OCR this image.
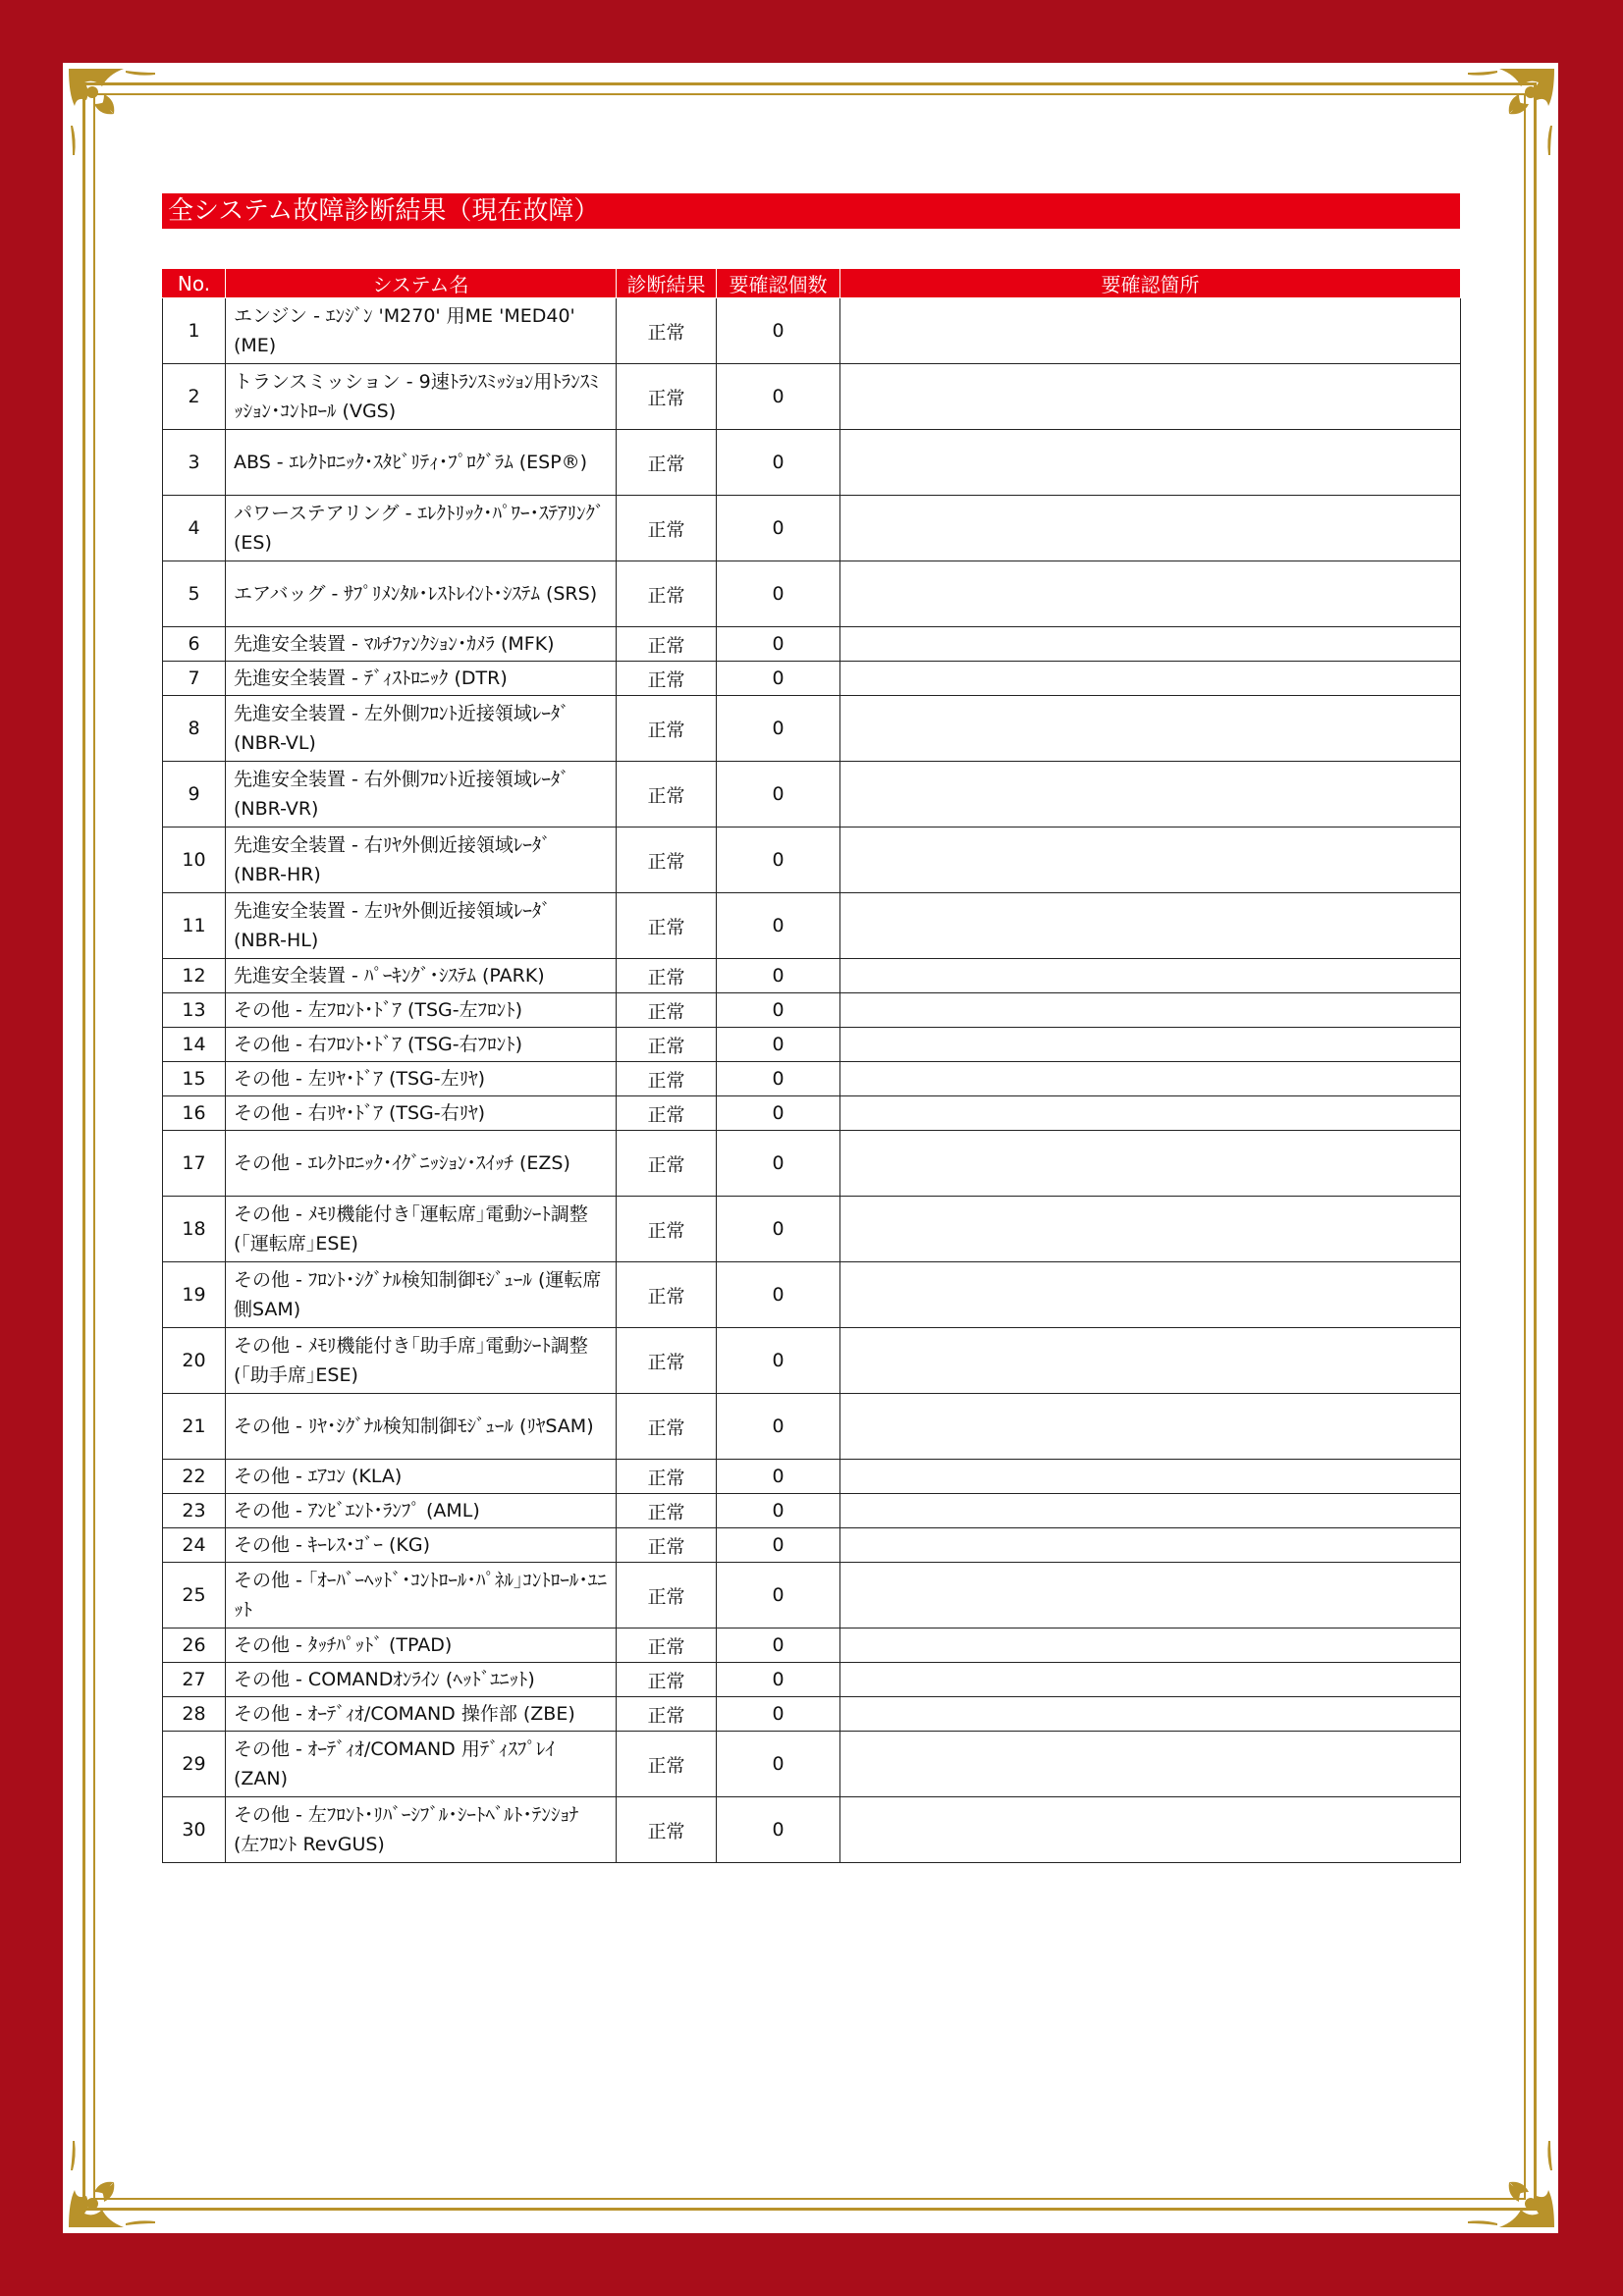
全システム故障診断結果（現在故障）
No.	システム名	診断結果	要確認個数	要確認箇所
1	エンジン - ｴﾝｼﾞﾝ 'M270' 用ME 'MED40' (ME)	正常	0	
2	トランスミッション - 9速ﾄﾗﾝｽﾐｯｼｮﾝ用ﾄﾗﾝｽﾐｯｼｮﾝ･ｺﾝﾄﾛｰﾙ (VGS)	正常	0	
3	ABS - ｴﾚｸﾄﾛﾆｯｸ･ｽﾀﾋﾞﾘﾃｨ･ﾌﾟﾛｸﾞﾗﾑ (ESP®)	正常	0	
4	パワーステアリング - ｴﾚｸﾄﾘｯｸ･ﾊﾟﾜｰ･ｽﾃｱﾘﾝｸﾞ (ES)	正常	0	
5	エアバッグ - ｻﾌﾟﾘﾒﾝﾀﾙ･ﾚｽﾄﾚｲﾝﾄ･ｼｽﾃﾑ (SRS)	正常	0	
6	先進安全装置 - ﾏﾙﾁﾌｧﾝｸｼｮﾝ･ｶﾒﾗ (MFK)	正常	0	
7	先進安全装置 - ﾃﾞｨｽﾄﾛﾆｯｸ (DTR)	正常	0	
8	先進安全装置 - 左外側ﾌﾛﾝﾄ近接領域ﾚｰﾀﾞ (NBR-VL)	正常	0	
9	先進安全装置 - 右外側ﾌﾛﾝﾄ近接領域ﾚｰﾀﾞ (NBR-VR)	正常	0	
10	先進安全装置 - 右ﾘﾔ外側近接領域ﾚｰﾀﾞ (NBR-HR)	正常	0	
11	先進安全装置 - 左ﾘﾔ外側近接領域ﾚｰﾀﾞ (NBR-HL)	正常	0	
12	先進安全装置 - ﾊﾟｰｷﾝｸﾞ･ｼｽﾃﾑ (PARK)	正常	0	
13	その他 - 左ﾌﾛﾝﾄ･ﾄﾞｱ (TSG-左ﾌﾛﾝﾄ)	正常	0	
14	その他 - 右ﾌﾛﾝﾄ･ﾄﾞｱ (TSG-右ﾌﾛﾝﾄ)	正常	0	
15	その他 - 左ﾘﾔ･ﾄﾞｱ (TSG-左ﾘﾔ)	正常	0	
16	その他 - 右ﾘﾔ･ﾄﾞｱ (TSG-右ﾘﾔ)	正常	0	
17	その他 - ｴﾚｸﾄﾛﾆｯｸ･ｲｸﾞﾆｯｼｮﾝ･ｽｲｯﾁ (EZS)	正常	0	
18	その他 - ﾒﾓﾘ機能付き｢運転席｣電動ｼｰﾄ調整 (｢運転席｣ESE)	正常	0	
19	その他 - ﾌﾛﾝﾄ･ｼｸﾞﾅﾙ検知制御ﾓｼﾞｭｰﾙ (運転席側SAM)	正常	0	
20	その他 - ﾒﾓﾘ機能付き｢助手席｣電動ｼｰﾄ調整 (｢助手席｣ESE)	正常	0	
21	その他 - ﾘﾔ･ｼｸﾞﾅﾙ検知制御ﾓｼﾞｭｰﾙ (ﾘﾔSAM)	正常	0	
22	その他 - ｴｱｺﾝ (KLA)	正常	0	
23	その他 - ｱﾝﾋﾞｴﾝﾄ･ﾗﾝﾌﾟ (AML)	正常	0	
24	その他 - ｷｰﾚｽ･ｺﾞｰ (KG)	正常	0	
25	その他 - ｢ｵｰﾊﾞｰﾍｯﾄﾞ･ｺﾝﾄﾛｰﾙ･ﾊﾟﾈﾙ｣ｺﾝﾄﾛｰﾙ･ﾕﾆｯﾄ	正常	0	
26	その他 - ﾀｯﾁﾊﾟｯﾄﾞ (TPAD)	正常	0	
27	その他 - COMANDｵﾝﾗｲﾝ (ﾍｯﾄﾞﾕﾆｯﾄ)	正常	0	
28	その他 - ｵｰﾃﾞｨｵ/COMAND 操作部 (ZBE)	正常	0	
29	その他 - ｵｰﾃﾞｨｵ/COMAND 用ﾃﾞｨｽﾌﾟﾚｲ (ZAN)	正常	0	
30	その他 - 左ﾌﾛﾝﾄ･ﾘﾊﾞｰｼﾌﾞﾙ･ｼｰﾄﾍﾞﾙﾄ･ﾃﾝｼｮﾅ (左ﾌﾛﾝﾄ RevGUS)	正常	0	
